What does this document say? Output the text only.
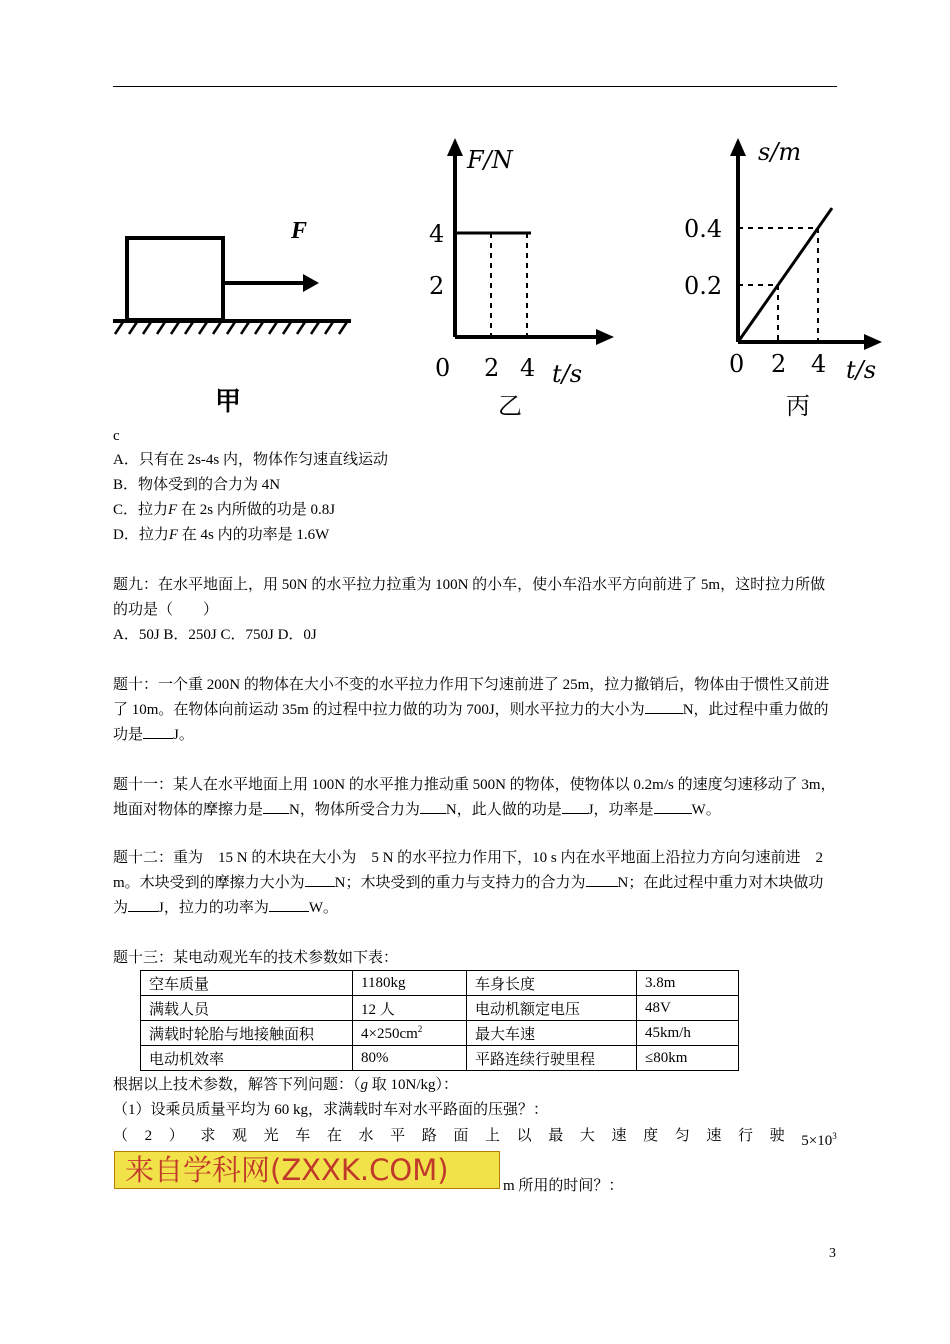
F
甲
F/N
t/s
0 2 4
4
2
乙
s/m
t/s
0 2 4
0.4
0.2
丙
c
A．只有在 2s-4s 内，物体作匀速直线运动
B．物体受到的合力为 4N
C．拉力F 在 2s 内所做的功是 0.8J
D．拉力F 在 4s 内的功率是 1.6W
题九：在水平地面上，用 50N 的水平拉力拉重为 100N 的小车，使小车沿水平方向前进了 5m，这时拉力所做的功是（　　）
A．50J B．250J C．750J D．0J
题十：一个重 200N 的物体在大小不变的水平拉力作用下匀速前进了 25m，拉力撤销后，物体由于惯性又前进了 10m。在物体向前运动 35m 的过程中拉力做的功为 700J，则水平拉力的大小为	N，此过程中重力做的功是 J。
题十一：某人在水平地面上用 100N 的水平推力推动重 500N 的物体，使物体以 0.2m/s 的速度匀速移动了 3m，地面对物体的摩擦力是 N，物体所受合力为 N，此人做的功是 J，功率是	W。
题十二：重为　15 N 的木块在大小为　5 N 的水平拉力作用下，10 s 内在水平地面上沿拉力方向匀速前进　2 m。木块受到的摩擦力大小为 N；木块受到的重力与支持力的合力为 N；在此过程中重力对木块做功为 J，拉力的功率为	W。
题十三：某电动观光车的技术参数如下表：
空车质量	1180kg	车身长度	3.8m
满载人员	12 人	电动机额定电压	48V
满载时轮胎与地接触面积	$4\times 250cm^2$	最大车速	45km/h
电动机效率	80%	平路连续行驶里程	≤80km
根据以上技术参数，解答下列问题：（g 取 10N/kg）：
（1）设乘员质量平均为 60 kg，求满载时车对水平路面的压强？：
（ 2 ） 求 观 光 车 在 水 平 路 面 上 以 最 大 速 度 匀 速 行 驶 $5\times 10^3$
来自学科网(ZXXK.COM)	m 所用的时间？：
3
